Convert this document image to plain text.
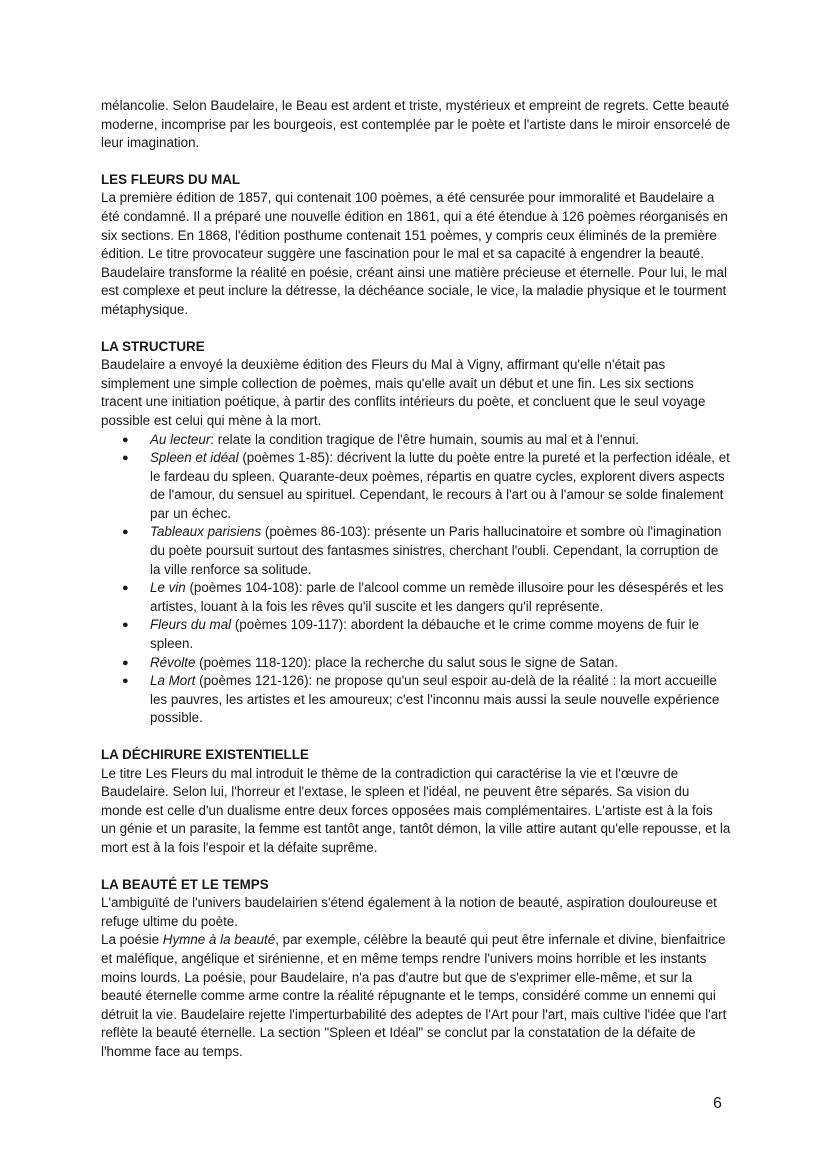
mélancolie. Selon Baudelaire, le Beau est ardent et triste, mystérieux et empreint de regrets. Cette beauté moderne, incomprise par les bourgeois, est contemplée par le poète et l'artiste dans le miroir ensorcelé de leur imagination.

LES FLEURS DU MAL

La première édition de 1857, qui contenait 100 poèmes, a été censurée pour immoralité et Baudelaire a été condamné. Il a préparé une nouvelle édition en 1861, qui a été étendue à 126 poèmes réorganisés en six sections. En 1868, l'édition posthume contenait 151 poèmes, y compris ceux éliminés de la première édition. Le titre provocateur suggère une fascination pour le mal et sa capacité à engendrer la beauté. Baudelaire transforme la réalité en poésie, créant ainsi une matière précieuse et éternelle. Pour lui, le mal est complexe et peut inclure la détresse, la déchéance sociale, le vice, la maladie physique et le tourment métaphysique.

LA STRUCTURE

Baudelaire a envoyé la deuxième édition des Fleurs du Mal à Vigny, affirmant qu'elle n'était pas simplement une simple collection de poèmes, mais qu'elle avait un début et une fin. Les six sections tracent une initiation poétique, à partir des conflits intérieurs du poète, et concluent que le seul voyage possible est celui qui mène à la mort.

● Au lecteur: relate la condition tragique de l'être humain, soumis au mal et à l'ennui.
● Spleen et idéal (poèmes 1-85): décrivent la lutte du poète entre la pureté et la perfection idéale, et le fardeau du spleen. Quarante-deux poèmes, répartis en quatre cycles, explorent divers aspects de l'amour, du sensuel au spirituel. Cependant, le recours à l'art ou à l'amour se solde finalement par un échec.
● Tableaux parisiens (poèmes 86-103): présente un Paris hallucinatoire et sombre où l'imagination du poète poursuit surtout des fantasmes sinistres, cherchant l'oubli. Cependant, la corruption de la ville renforce sa solitude.
● Le vin (poèmes 104-108): parle de l'alcool comme un remède illusoire pour les désespérés et les artistes, louant à la fois les rêves qu'il suscite et les dangers qu'il représente.
● Fleurs du mal (poèmes 109-117): abordent la débauche et le crime comme moyens de fuir le spleen.
● Révolte (poèmes 118-120): place la recherche du salut sous le signe de Satan.
● La Mort (poèmes 121-126): ne propose qu'un seul espoir au-delà de la réalité : la mort accueille les pauvres, les artistes et les amoureux; c'est l'inconnu mais aussi la seule nouvelle expérience possible.
LA DÉCHIRURE EXISTENTIELLE

Le titre Les Fleurs du mal introduit le thème de la contradiction qui caractérise la vie et l'œuvre de Baudelaire. Selon lui, l'horreur et l'extase, le spleen et l'idéal, ne peuvent être séparés. Sa vision du monde est celle d'un dualisme entre deux forces opposées mais complémentaires. L'artiste est à la fois un génie et un parasite, la femme est tantôt ange, tantôt démon, la ville attire autant qu'elle repousse, et la mort est à la fois l'espoir et la défaite suprême.

LA BEAUTÉ ET LE TEMPS

L'ambiguïté de l'univers baudelairien s'étend également à la notion de beauté, aspiration douloureuse et refuge ultime du poète.

La poésie Hymne à la beauté, par exemple, célèbre la beauté qui peut être infernale et divine, bienfaitrice et maléfique, angélique et sirénienne, et en même temps rendre l'univers moins horrible et les instants moins lourds. La poésie, pour Baudelaire, n'a pas d'autre but que de s'exprimer elle-même, et sur la beauté éternelle comme arme contre la réalité répugnante et le temps, considéré comme un ennemi qui détruit la vie. Baudelaire rejette l'imperturbabilité des adeptes de l'Art pour l'art, mais cultive l'idée que l'art reflète la beauté éternelle. La section "Spleen et Idéal" se conclut par la constatation de la défaite de l'homme face au temps.

6
